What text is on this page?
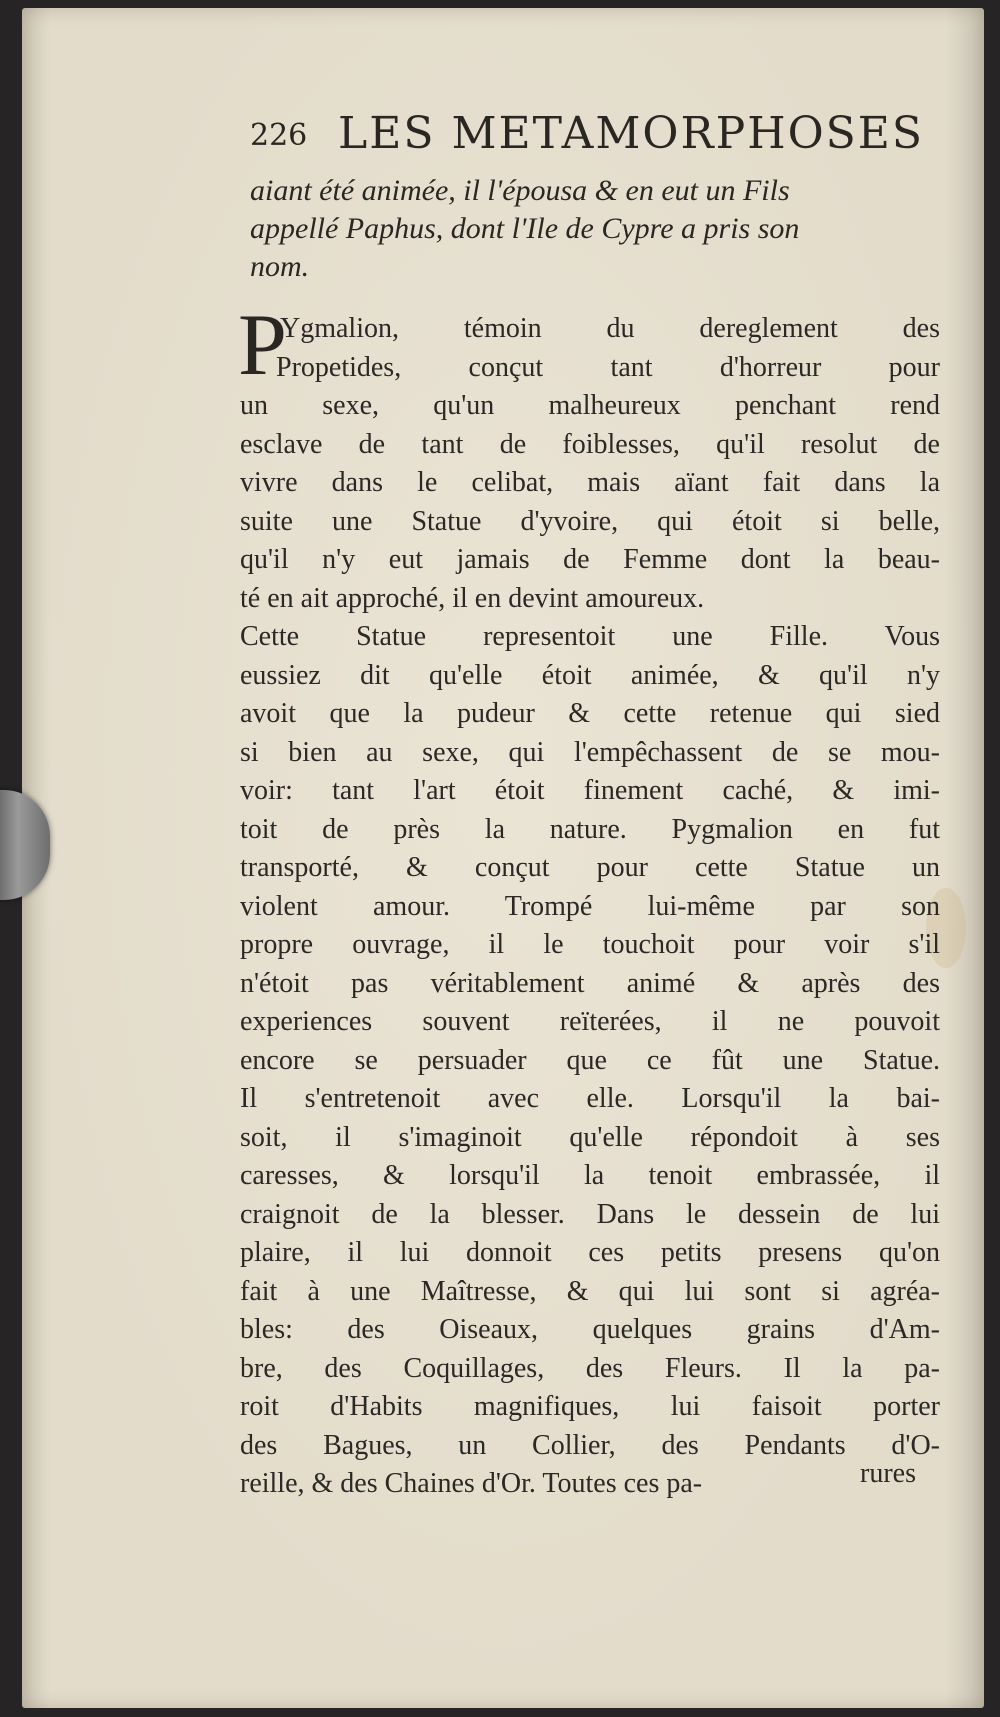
226 LES METAMORPHOSES

aiant été animée, il l'épousa & en eut un Fils
appellé Paphus, dont l'Ile de Cypre a pris son
nom.

P
Ygmalion, témoin du dereglement des
Propetides, conçut tant d'horreur pour
un sexe, qu'un malheureux penchant rend
esclave de tant de foiblesses, qu'il resolut de
vivre dans le celibat, mais aïant fait dans la
suite une Statue d'yvoire, qui étoit si belle,
qu'il n'y eut jamais de Femme dont la beau-
té en ait approché, il en devint amoureux.
Cette Statue representoit une Fille. Vous
eussiez dit qu'elle étoit animée, & qu'il n'y
avoit que la pudeur & cette retenue qui sied
si bien au sexe, qui l'empêchassent de se mou-
voir: tant l'art étoit finement caché, & imi-
toit de près la nature. Pygmalion en fut
transporté, & conçut pour cette Statue un
violent amour. Trompé lui-même par son
propre ouvrage, il le touchoit pour voir s'il
n'étoit pas véritablement animé & après des
experiences souvent reïterées, il ne pouvoit
encore se persuader que ce fût une Statue.
Il s'entretenoit avec elle. Lorsqu'il la bai-
soit, il s'imaginoit qu'elle répondoit à ses
caresses, & lorsqu'il la tenoit embrassée, il
craignoit de la blesser. Dans le dessein de lui
plaire, il lui donnoit ces petits presens qu'on
fait à une Maîtresse, & qui lui sont si agréa-
bles: des Oiseaux, quelques grains d'Am-
bre, des Coquillages, des Fleurs. Il la pa-
roit d'Habits magnifiques, lui faisoit porter
des Bagues, un Collier, des Pendants d'O-
reille, & des Chaines d'Or. Toutes ces pa-	rures
